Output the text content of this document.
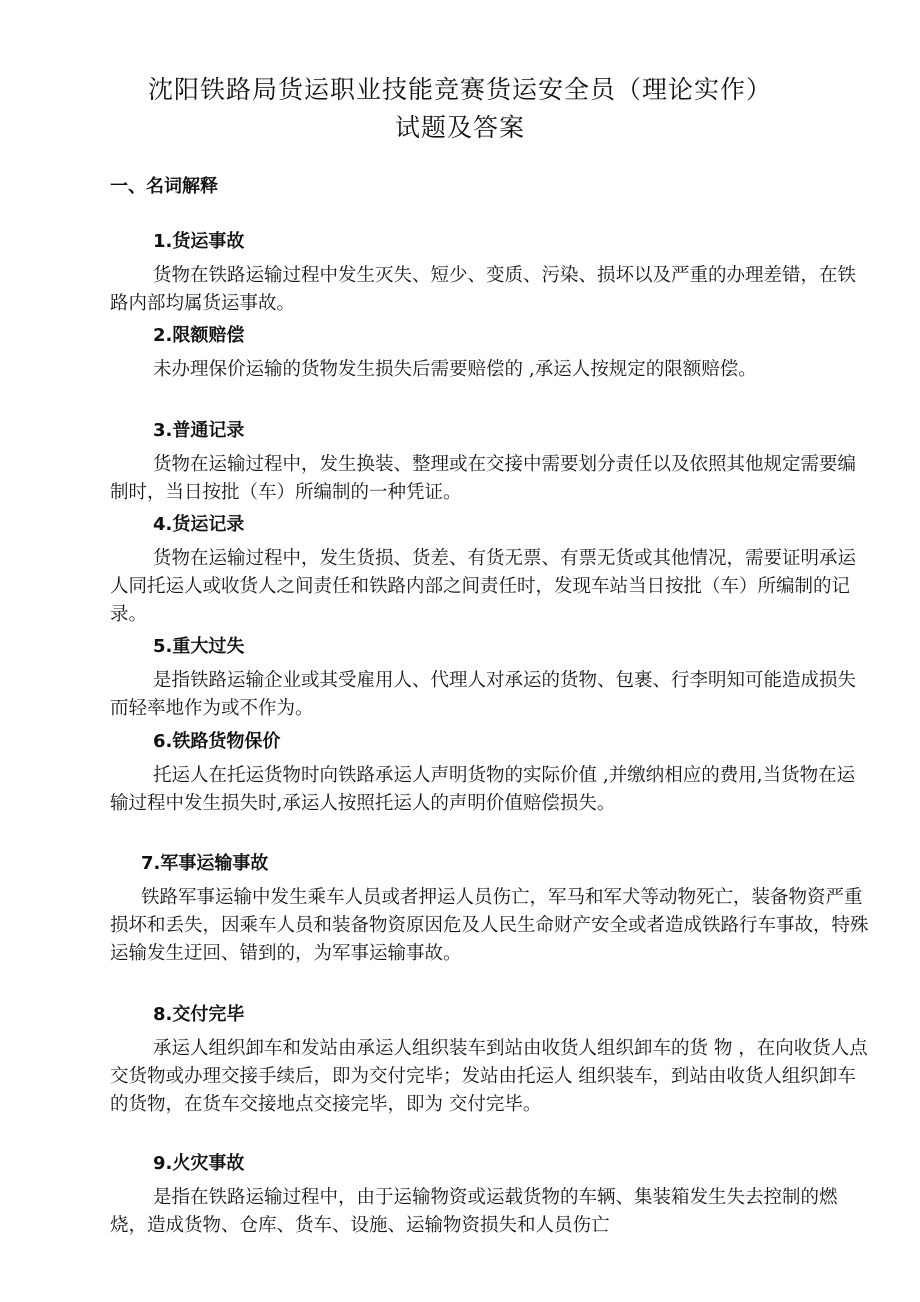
沈阳铁路局货运职业技能竞赛货运安全员（理论实作）
试题及答案
一、名词解释
1.货运事故

货物在铁路运输过程中发生灭失、短少、变质、污染、损坏以及严重的办理差错，在铁路内部均属货运事故。

2.限额赔偿

未办理保价运输的货物发生损失后需要赔偿的 ,承运人按规定的限额赔偿。

3.普通记录

货物在运输过程中，发生换装、整理或在交接中需要划分责任以及依照其他规定需要编制时，当日按批（车）所编制的一种凭证。

4.货运记录

货物在运输过程中，发生货损、货差、有货无票、有票无货或其他情况，需要证明承运人同托运人或收货人之间责任和铁路内部之间责任时，发现车站当日按批（车）所编制的记录。

5.重大过失

是指铁路运输企业或其受雇用人、代理人对承运的货物、包裹、行李明知可能造成损失而轻率地作为或不作为。

6.铁路货物保价

托运人在托运货物时向铁路承运人声明货物的实际价值 ,并缴纳相应的费用,当货物在运输过程中发生损失时,承运人按照托运人的声明价值赔偿损失。

7.军事运输事故

铁路军事运输中发生乘车人员或者押运人员伤亡，军马和军犬等动物死亡，装备物资严重损坏和丢失，因乘车人员和装备物资原因危及人民生命财产安全或者造成铁路行车事故，特殊运输发生迂回、错到的，为军事运输事故。

8.交付完毕

承运人组织卸车和发站由承运人组织装车到站由收货人组织卸车的货 物 ，在向收货人点交货物或办理交接手续后，即为交付完毕；发站由托运人 组织装车，到站由收货人组织卸车的货物，在货车交接地点交接完毕，即为 交付完毕。

9.火灾事故

是指在铁路运输过程中，由于运输物资或运载货物的车辆、集装箱发生失去控制的燃烧，造成货物、仓库、货车、设施、运输物资损失和人员伤亡
